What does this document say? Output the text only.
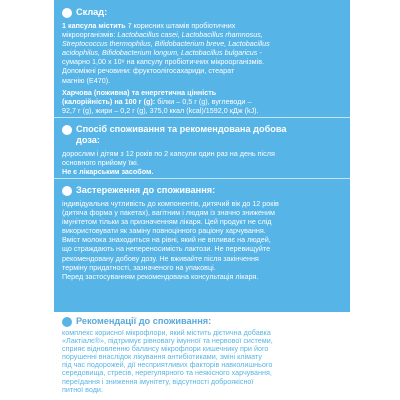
Склад:
1 капсула містить 7 корисних штамів пробіотичних
мікроорганізмів: Lactobacillus casei, Lactobacillus rhamnosus,
Streptococcus thermophilus, Bifidobacterium breve, Lactobacillus
acidophilus, Bifidobacterium longum, Lactobacillus bulgaricus -
сумарно 1,00 х 10⁹ на капсулу пробіотичних мікроорганізмів.
Допоміжні речовини: фруктоолігосахариди, стеарат
магнію (Е470).
Харчова (поживна) та енергетична цінність
(калорійність) на 100 г (g): білки – 0,5 г (g), вуглеводи –
92,7 г (g), жири – 0,2 г (g), 375,0 ккал (kcal)/1592,0 кДж (kJ).
Спосіб споживання та рекомендована добова
доза:
дорослим і дітям з 12 років по 2 капсули один раз на день після
основного прийому їжі.
Не є лікарським засобом.
Застереження до споживання:
індивідуальна чутливість до компонентів, дитячий вік до 12 років
(дитяча форма у пакетах), вагітним і людям із значно зниженим
імунітетом тільки за призначенням лікаря. Цей продукт не слід
використовувати як заміну повноцінного раціону харчування.
Вміст молока знаходиться на рівні, який не впливає на людей,
що страждають на непереносимість лактози. Не перевищуйте
рекомендовану добову дозу. Не вживайте після закінчення
терміну придатності, зазначеного на упаковці.
Перед застосуванням рекомендована консультація лікаря.
Рекомендації до споживання:
комплекс корисної мікрофлори, який містить дієтична добавка
«Лактіалє®», підтримує рівновагу імунної та нервової системи,
сприяє відновленню балансу мікрофлори кишечнику при його
порушенні внаслідок лікування антибіотиками, зміні клімату
під час подорожей, дії несприятливих факторів навколишнього
середовища, стресів, нерегулярного та неякісного харчування,
переїдання і зниження імунітету, відсутності доброякісної
питної води.
